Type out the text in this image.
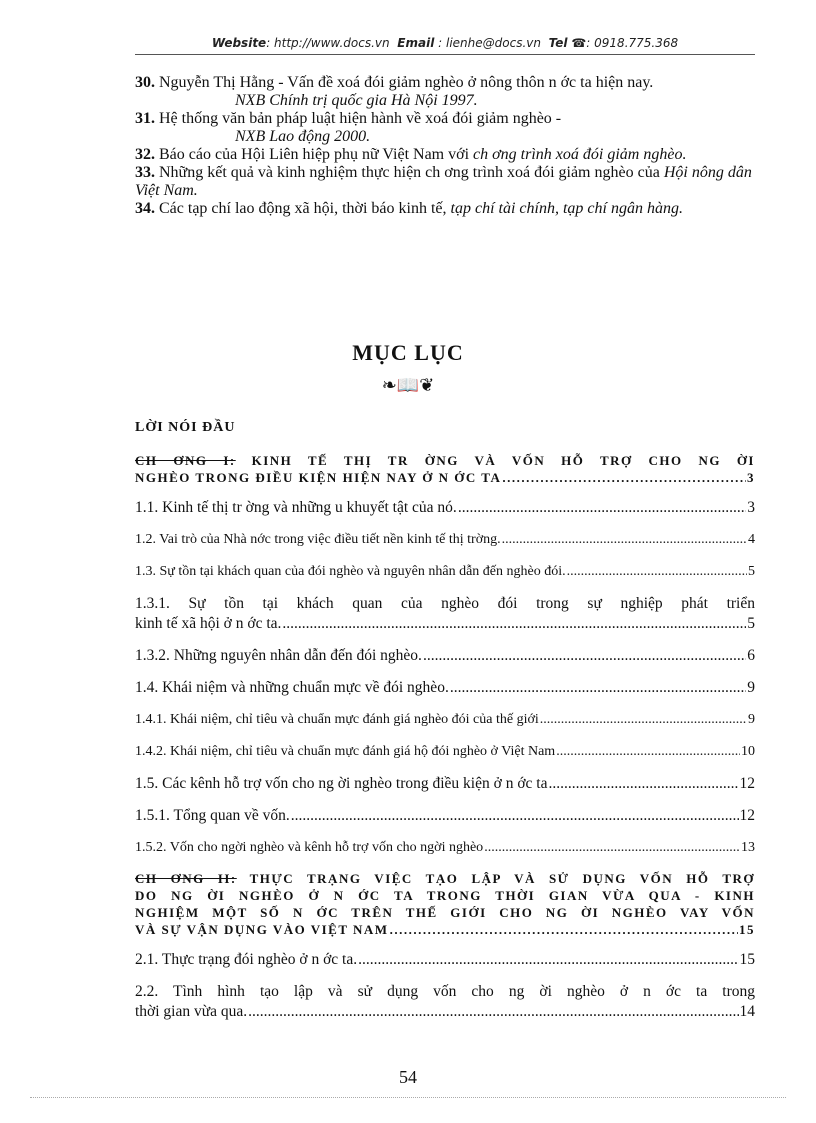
Website: http://www.docs.vn Email : lienhe@docs.vn Tel ☎: 0918.775.368

30. Nguyễn Thị Hằng - Vấn đề xoá đói giảm nghèo ở nông thôn n ớc ta hiện nay.
NXB Chính trị quốc gia Hà Nội 1997.

31. Hệ thống văn bản pháp luật hiện hành về xoá đói giảm nghèo -
NXB Lao động 2000.

32. Báo cáo của Hội Liên hiệp phụ nữ Việt Nam với ch ơng trình xoá đói giảm nghèo.

33. Những kết quả và kinh nghiệm thực hiện ch ơng trình xoá đói giảm nghèo của Hội nông dân Việt Nam.

34. Các tạp chí lao động xã hội, thời báo kinh tế, tạp chí tài chính, tạp chí ngân hàng.

MỤC LỤC
❧📖❦
LỜI NÓI ĐẦU
CH ƠNG I: KINH TẾ THỊ TR ỜNG VÀ VỐN HỖ TRỢ CHO NG ỜI
NGHÈO TRONG ĐIỀU KIỆN HIỆN NAY Ở N ỚC TA .....	3
1.1. Kinh tế thị tr ờng và những u khuyết tật của nó. .....	3
1.2. Vai trò của Nhà nớc trong việc điều tiết nền kinh tế thị trờng. .....	4
1.3. Sự tồn tại khách quan của đói nghèo và nguyên nhân dẫn đến nghèo đói. .....	5
1.3.1. Sự tồn tại khách quan của nghèo đói trong sự nghiệp phát triển
kinh tế xã hội ở n ớc ta. .....	5
1.3.2. Những nguyên nhân dẫn đến đói nghèo. .....	6
1.4. Khái niệm và những chuẩn mực về đói nghèo. .....	9
1.4.1. Khái niệm, chỉ tiêu và chuẩn mực đánh giá nghèo đói của thế giới .....	9
1.4.2. Khái niệm, chỉ tiêu và chuẩn mực đánh giá hộ đói nghèo ở Việt Nam .....	10
1.5. Các kênh hỗ trợ vốn cho ng ời nghèo trong điều kiện ở n ớc ta .....	12
1.5.1. Tổng quan về vốn. .....	12
1.5.2. Vốn cho ngời nghèo và kênh hỗ trợ vốn cho ngời nghèo .....	13
CH ƠNG II: THỰC TRẠNG VIỆC TẠO LẬP VÀ SỬ DỤNG VỐN HỖ TRỢ
DO NG ỜI NGHÈO Ở N ỚC TA TRONG THỜI GIAN VỪA QUA - KINH
NGHIỆM MỘT SỐ N ỚC TRÊN THẾ GIỚI CHO NG ỜI NGHÈO VAY VỐN
VÀ SỰ VẬN DỤNG VÀO VIỆT NAM .....	15
2.1. Thực trạng đói nghèo ở n ớc ta. .....	15
2.2. Tình hình tạo lập và sử dụng vốn cho ng ời nghèo ở n ớc ta trong
thời gian vừa qua. .....	14
54
